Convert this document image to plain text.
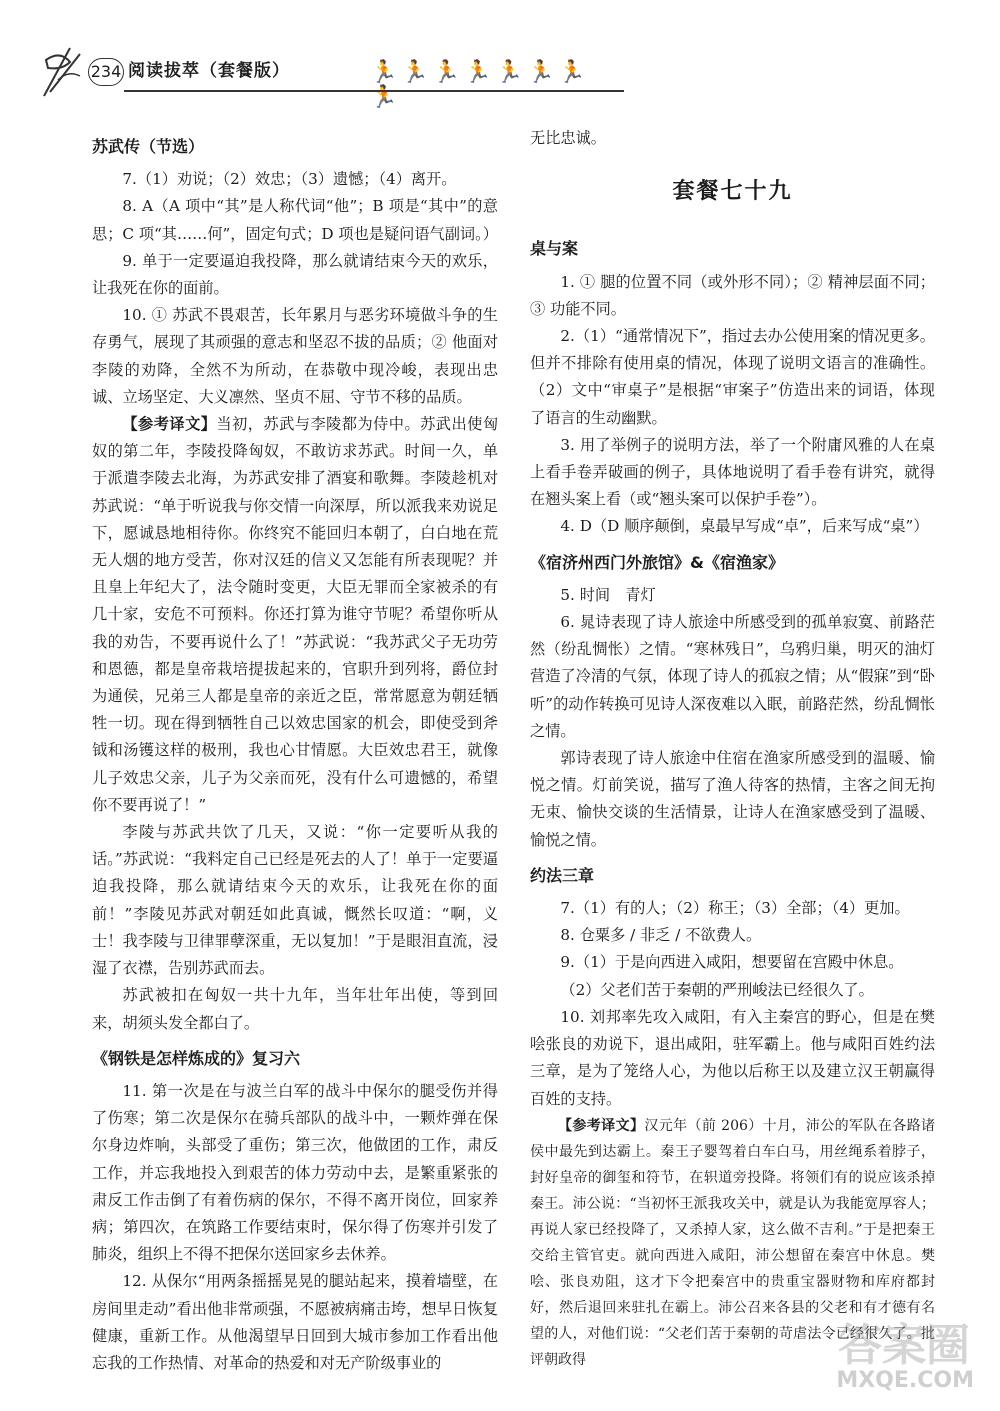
234 阅读拔萃（套餐版）	🏃🏃🏃🏃🏃🏃🏃🏃
苏武传（节选）
7.（1）劝说；（2）效忠；（3）遗憾；（4）离开。
8. A（A 项中“其”是人称代词“他”；B 项是“其中”的意思；C 项“其……何”，固定句式；D 项也是疑问语气副词。）
9. 单于一定要逼迫我投降，那么就请结束今天的欢乐，让我死在你的面前。
10. ① 苏武不畏艰苦，长年累月与恶劣环境做斗争的生存勇气，展现了其顽强的意志和坚忍不拔的品质；② 他面对李陵的劝降，全然不为所动，在恭敬中现冷峻，表现出忠诚、立场坚定、大义凛然、坚贞不屈、守节不移的品质。
【参考译文】当初，苏武与李陵都为侍中。苏武出使匈奴的第二年，李陵投降匈奴，不敢访求苏武。时间一久，单于派遣李陵去北海，为苏武安排了酒宴和歌舞。李陵趁机对苏武说：“单于听说我与你交情一向深厚，所以派我来劝说足下，愿诚恳地相待你。你终究不能回归本朝了，白白地在荒无人烟的地方受苦，你对汉廷的信义又怎能有所表现呢？并且皇上年纪大了，法令随时变更，大臣无罪而全家被杀的有几十家，安危不可预料。你还打算为谁守节呢？希望你听从我的劝告，不要再说什么了！”苏武说：“我苏武父子无功劳和恩德，都是皇帝栽培提拔起来的，官职升到列将，爵位封为通侯，兄弟三人都是皇帝的亲近之臣，常常愿意为朝廷牺牲一切。现在得到牺牲自己以效忠国家的机会，即使受到斧钺和汤镬这样的极刑，我也心甘情愿。大臣效忠君王，就像儿子效忠父亲，儿子为父亲而死，没有什么可遗憾的，希望你不要再说了！”
李陵与苏武共饮了几天，又说：“你一定要听从我的话。”苏武说：“我料定自己已经是死去的人了！单于一定要逼迫我投降，那么就请结束今天的欢乐，让我死在你的面前！”李陵见苏武对朝廷如此真诚，慨然长叹道：“啊，义士！我李陵与卫律罪孽深重，无以复加！”于是眼泪直流，浸湿了衣襟，告别苏武而去。
苏武被扣在匈奴一共十九年，当年壮年出使，等到回来，胡须头发全都白了。
《钢铁是怎样炼成的》复习六
11. 第一次是在与波兰白军的战斗中保尔的腿受伤并得了伤寒；第二次是保尔在骑兵部队的战斗中，一颗炸弹在保尔身边炸响，头部受了重伤；第三次，他做团的工作，肃反工作，并忘我地投入到艰苦的体力劳动中去，是繁重紧张的肃反工作击倒了有着伤病的保尔，不得不离开岗位，回家养病；第四次，在筑路工作要结束时，保尔得了伤寒并引发了肺炎，组织上不得不把保尔送回家乡去休养。
12. 从保尔“用两条摇摇晃晃的腿站起来，摸着墙壁，在房间里走动”看出他非常顽强，不愿被病痛击垮，想早日恢复健康，重新工作。从他渴望早日回到大城市参加工作看出他忘我的工作热情、对革命的热爱和对无产阶级事业的
无比忠诚。
套餐七十九
桌与案
1. ① 腿的位置不同（或外形不同）；② 精神层面不同；③ 功能不同。
2.（1）“通常情况下”，指过去办公使用案的情况更多。但并不排除有使用桌的情况，体现了说明文语言的准确性。（2）文中“审桌子”是根据“审案子”仿造出来的词语，体现了语言的生动幽默。
3. 用了举例子的说明方法，举了一个附庸风雅的人在桌上看手卷弄破画的例子，具体地说明了看手卷有讲究，就得在翘头案上看（或“翘头案可以保护手卷”）。
4. D（D 顺序颠倒，桌最早写成“卓”，后来写成“桌”）
《宿济州西门外旅馆》&《宿渔家》
5. 时间　青灯
6. 晁诗表现了诗人旅途中所感受到的孤单寂寞、前路茫然（纷乱惆怅）之情。“寒林残日”，乌鸦归巢，明灭的油灯营造了冷清的气氛，体现了诗人的孤寂之情；从“假寐”到“卧听”的动作转换可见诗人深夜难以入眠，前路茫然，纷乱惆怅之情。
郭诗表现了诗人旅途中住宿在渔家所感受到的温暖、愉悦之情。灯前笑说，描写了渔人待客的热情，主客之间无拘无束、愉快交谈的生活情景，让诗人在渔家感受到了温暖、愉悦之情。
约法三章
7.（1）有的人；（2）称王；（3）全部；（4）更加。
8. 仓粟多 / 非乏 / 不欲费人。
9.（1）于是向西进入咸阳，想要留在宫殿中休息。
（2）父老们苦于秦朝的严刑峻法已经很久了。
10. 刘邦率先攻入咸阳，有入主秦宫的野心，但是在樊哙张良的劝说下，退出咸阳，驻军霸上。他与咸阳百姓约法三章，是为了笼络人心，为他以后称王以及建立汉王朝赢得百姓的支持。
【参考译文】汉元年（前 206）十月，沛公的军队在各路诸侯中最先到达霸上。秦王子婴驾着白车白马，用丝绳系着脖子，封好皇帝的御玺和符节，在轵道旁投降。将领们有的说应该杀掉秦王。沛公说：“当初怀王派我攻关中，就是认为我能宽厚容人；再说人家已经投降了，又杀掉人家，这么做不吉利。”于是把秦王交给主管官吏。就向西进入咸阳，沛公想留在秦宫中休息。樊哙、张良劝阻，这才下令把秦宫中的贵重宝器财物和库府都封好，然后退回来驻扎在霸上。沛公召来各县的父老和有才德有名望的人，对他们说：“父老们苦于秦朝的苛虐法令已经很久了。批评朝政得	答案圈
MXQE.COM
